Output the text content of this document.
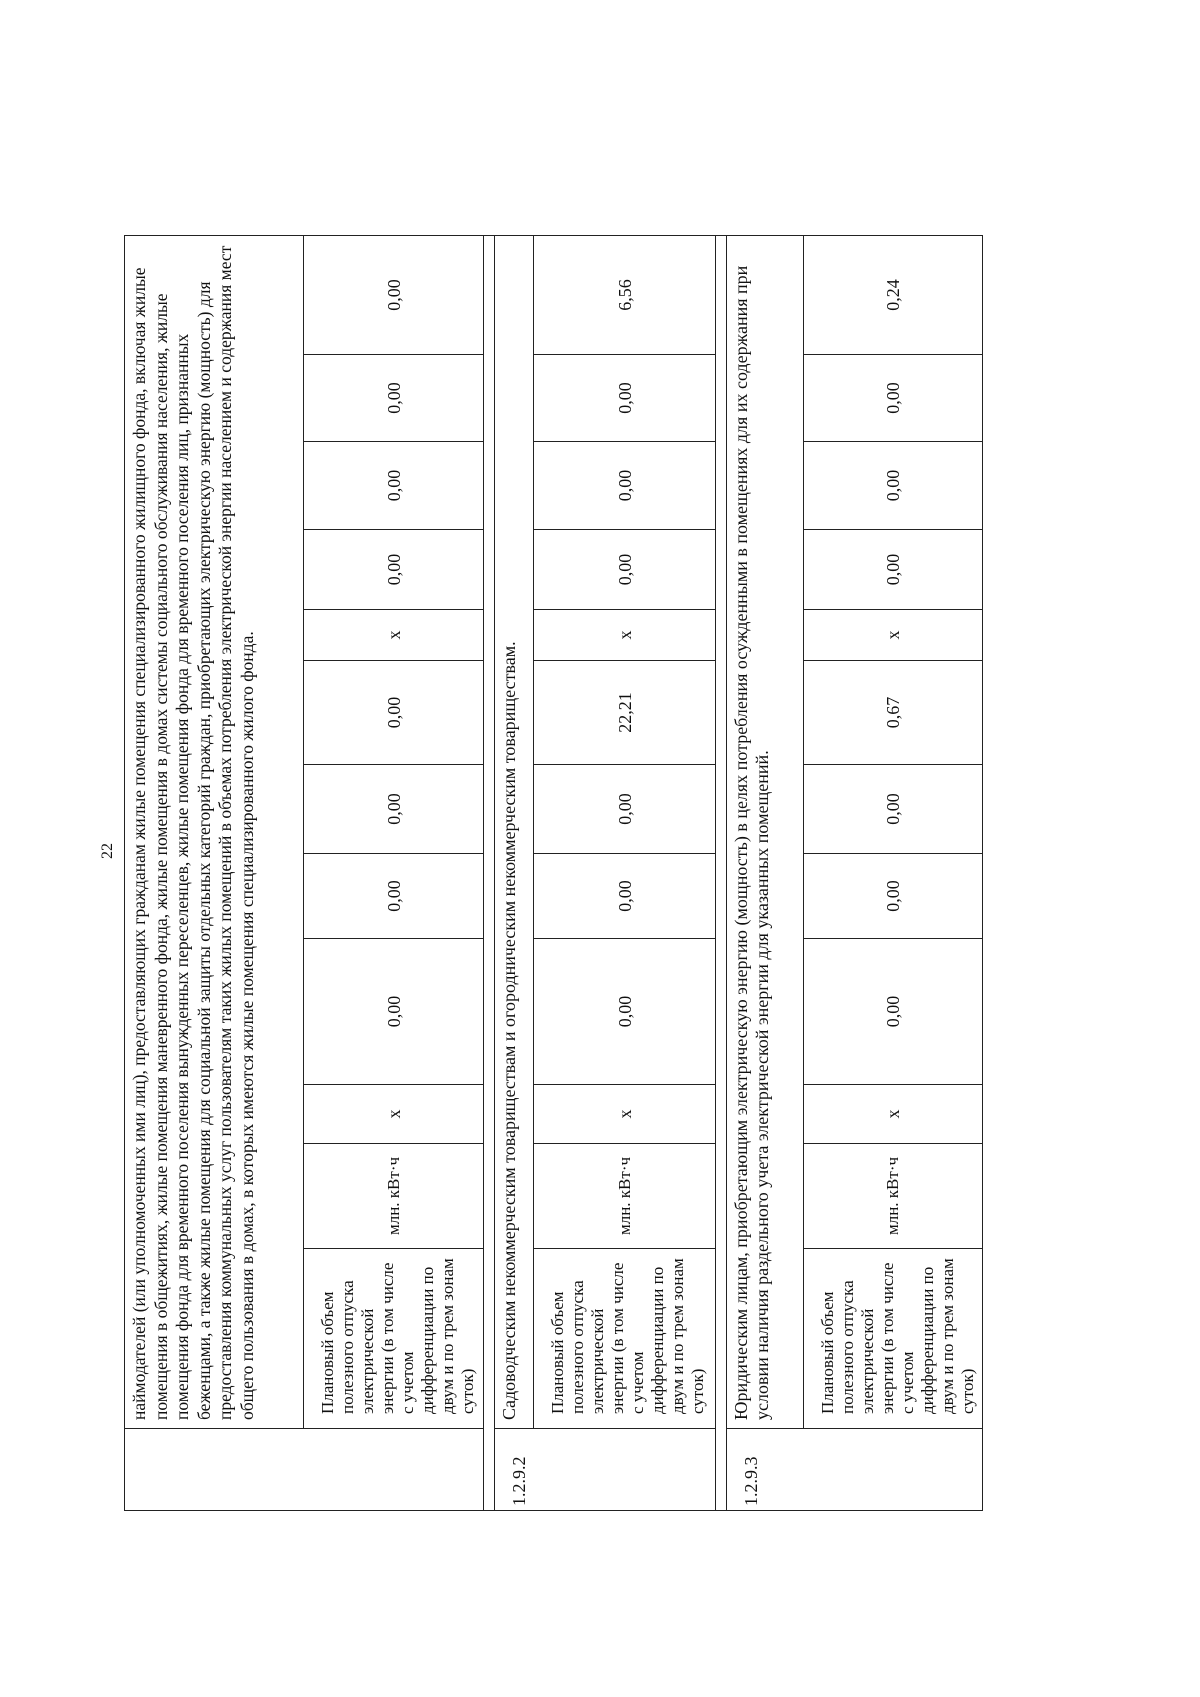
22
	наймодателей (или уполномоченных ими лиц), предоставляющих гражданам жилые помещения специализированного жилищного фонда, включая жилые помещения в общежитиях, жилые помещения маневренного фонда, жилые помещения в домах системы социального обслуживания населения, жилые помещения фонда для временного поселения вынужденных переселенцев, жилые помещения фонда для временного поселения лиц, признанных беженцами, а также жилые помещения для социальной защиты отдельных категорий граждан, приобретающих электрическую энергию (мощность) для предоставления коммунальных услуг пользователям таких жилых помещений в объемах потребления электрической энергии населением и содержания мест общего пользования в домах, в которых имеются жилые помещения специализированного жилого фонда.											
	Плановый объем полезного отпуска электрической энергии (в том числе с учетом дифференциации по двум и по трем зонам суток)	млн. кВт·ч	x	0,00	0,00	0,00	0,00	x	0,00	0,00	0,00	0,00

1.2.9.2	Садоводческим некоммерческим товариществам и огородническим некоммерческим товариществам.											
	Плановый объем полезного отпуска электрической энергии (в том числе с учетом дифференциации по двум и по трем зонам суток)	млн. кВт·ч	x	0,00	0,00	0,00	22,21	x	0,00	0,00	0,00	6,56

1.2.9.3	Юридическим лицам, приобретающим электрическую энергию (мощность) в целях потребления осужденными в помещениях для их содержания при условии наличия раздельного учета электрической энергии для указанных помещений.											
	Плановый объем полезного отпуска электрической энергии (в том числе с учетом дифференциации по двум и по трем зонам суток)	млн. кВт·ч	x	0,00	0,00	0,00	0,67	x	0,00	0,00	0,00	0,24
